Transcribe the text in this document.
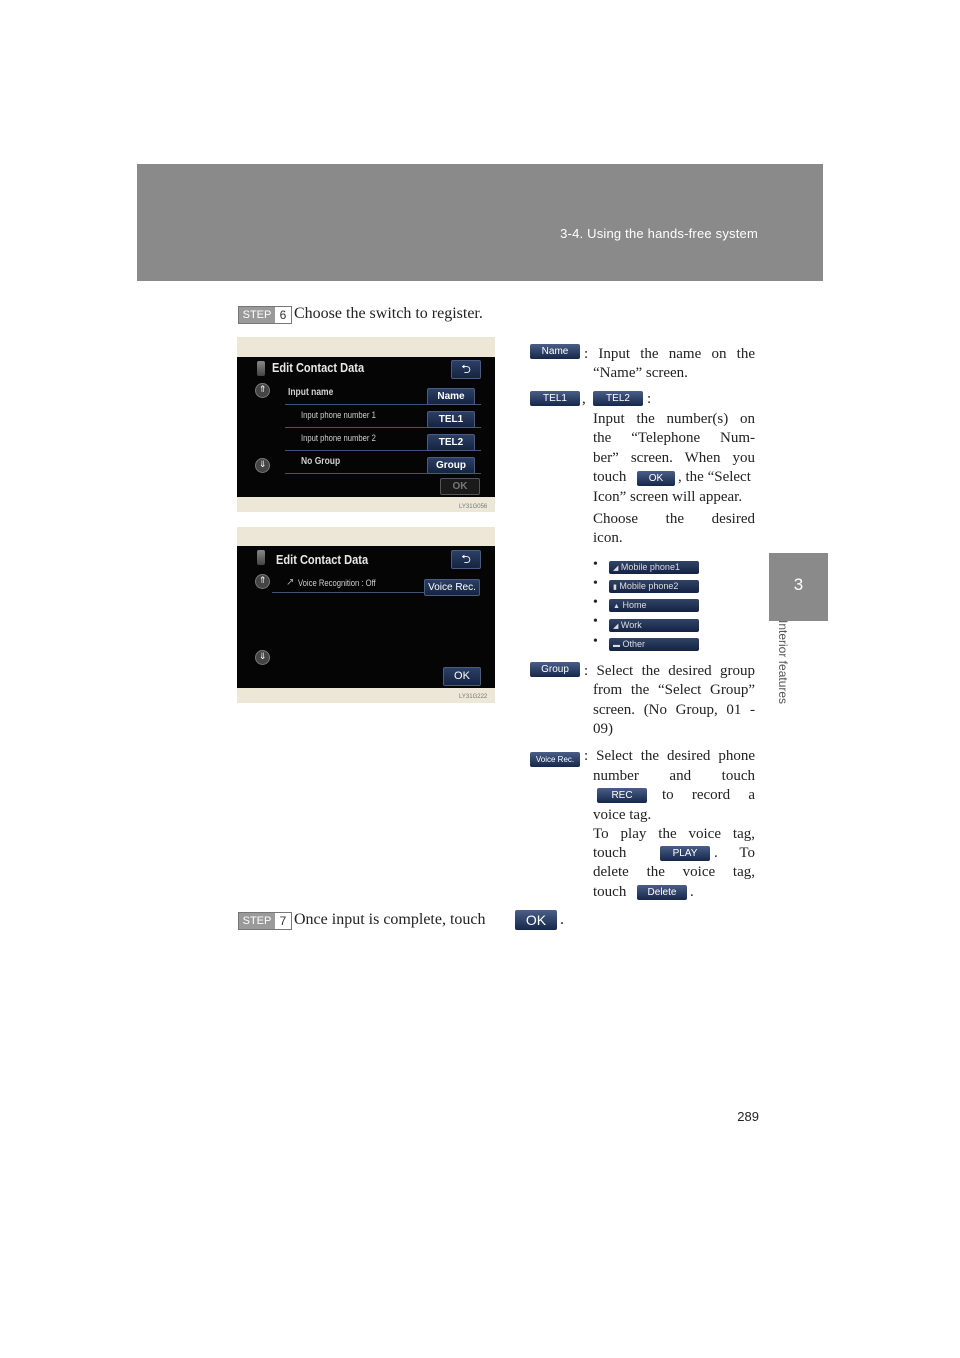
3-4. Using the hands-free system
3
Interior features
STEP 6 Choose the switch to register.
Edit Contact Data	⮌
⇑
⇓
Input name
Input phone number 1
Input phone number 2
No Group
Name
TEL1
TEL2
Group
OK
LY31G056
Edit Contact Data	⮌
⇑
⇓
↗ Voice Recognition : Off	Voice Rec.
OK
LY31G222
Name	: Input the name on the
“Name” screen.
TEL1	,	TEL2	:
Input the number(s) on
the “Telephone Num-
ber” screen. When you
touch	OK , the “Select
Icon” screen will appear.
Choose the desired
icon.
•	◢ Mobile phone1
•	▮ Mobile phone2
•	▲ Home
•	◢ Work
•	▬ Other
Group	: Select the desired group
from the “Select Group”
screen. (No Group, 01 -
09)
Voice Rec. : Select the desired phone
number and touch
REC	to record a
voice tag.
To play the voice tag,
touch	PLAY	. To
delete the voice tag,
touch	Delete .
STEP 7 Once input is complete, touch	OK .
289
